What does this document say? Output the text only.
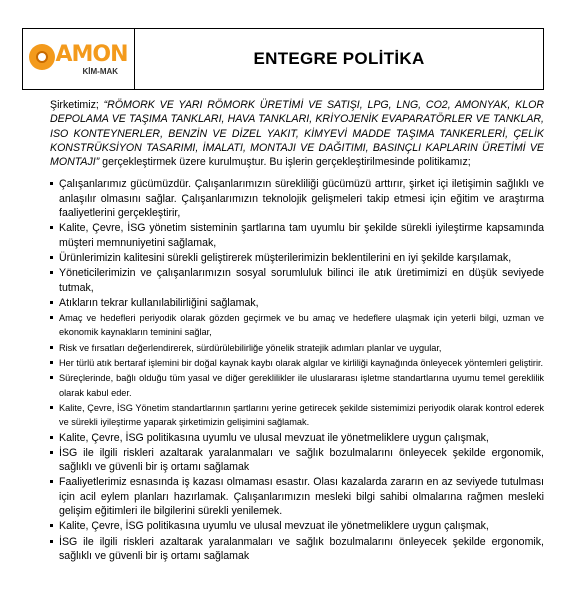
AMON
KİM-MAK
ENTEGRE POLİTİKA

Şirketimiz; “RÖMORK VE YARI RÖMORK ÜRETİMİ VE SATIŞI, LPG, LNG, CO2, AMONYAK, KLOR DEPOLAMA VE TAŞIMA TANKLARI, HAVA TANKLARI, KRİYOJENİK EVAPARATÖRLER VE TANKLAR, ISO KONTEYNERLER, BENZİN VE DİZEL YAKIT, KİMYEVİ MADDE TAŞIMA TANKERLERİ, ÇELİK KONSTRÜKSİYON TASARIMI, İMALATI, MONTAJI VE DAĞITIMI, BASINÇLI KAPLARIN ÜRETİMİ VE MONTAJI” gerçekleştirmek üzere kurulmuştur. Bu işlerin gerçekleştirilmesinde politikamız;

Çalışanlarımız gücümüzdür. Çalışanlarımızın sürekliliği gücümüzü arttırır, şirket içi iletişimin sağlıklı ve anlaşılır olmasını sağlar. Çalışanlarımızın teknolojik gelişmeleri takip etmesi için eğitim ve araştırma faaliyetlerini gerçekleştirir,
Kalite, Çevre, İSG yönetim sisteminin şartlarına tam uyumlu bir şekilde sürekli iyileştirme kapsamında müşteri memnuniyetini sağlamak,
Ürünlerimizin kalitesini sürekli geliştirerek müşterilerimizin beklentilerini en iyi şekilde karşılamak,
Yöneticilerimizin ve çalışanlarımızın sosyal sorumluluk bilinci ile atık üretimimizi en düşük seviyede tutmak,
Atıkların tekrar kullanılabilirliğini sağlamak,
Amaç ve hedefleri periyodik olarak gözden geçirmek ve bu amaç ve hedeflere ulaşmak için yeterli bilgi, uzman ve ekonomik kaynakların teminini sağlar,
Risk ve fırsatları değerlendirerek, sürdürülebilirliğe yönelik stratejik adımları planlar ve uygular,
Her türlü atık bertaraf işlemini bir doğal kaynak kaybı olarak algılar ve kirliliği kaynağında önleyecek yöntemleri geliştirir.
Süreçlerinde, bağlı olduğu tüm yasal ve diğer gereklilikler ile uluslararası işletme standartlarına uyumu temel gereklilik olarak kabul eder.
Kalite, Çevre, İSG Yönetim standartlarının şartlarını yerine getirecek şekilde sistemimizi periyodik olarak kontrol ederek ve sürekli iyileştirme yaparak şirketimizin gelişimini sağlamak.
Kalite, Çevre, İSG politikasına uyumlu ve ulusal mevzuat ile yönetmeliklere uygun çalışmak,
İSG ile ilgili riskleri azaltarak yaralanmaları ve sağlık bozulmalarını önleyecek şekilde ergonomik, sağlıklı ve güvenli bir iş ortamı sağlamak
Faaliyetlerimiz esnasında iş kazası olmaması esastır. Olası kazalarda zararın en az seviyede tutulması için acil eylem planları hazırlamak. Çalışanlarımızın mesleki bilgi sahibi olmalarına rağmen mesleki gelişim eğitimleri ile bilgilerini sürekli yenilemek.
Kalite, Çevre, İSG politikasına uyumlu ve ulusal mevzuat ile yönetmeliklere uygun çalışmak,
İSG ile ilgili riskleri azaltarak yaralanmaları ve sağlık bozulmalarını önleyecek şekilde ergonomik, sağlıklı ve güvenli bir iş ortamı sağlamak
